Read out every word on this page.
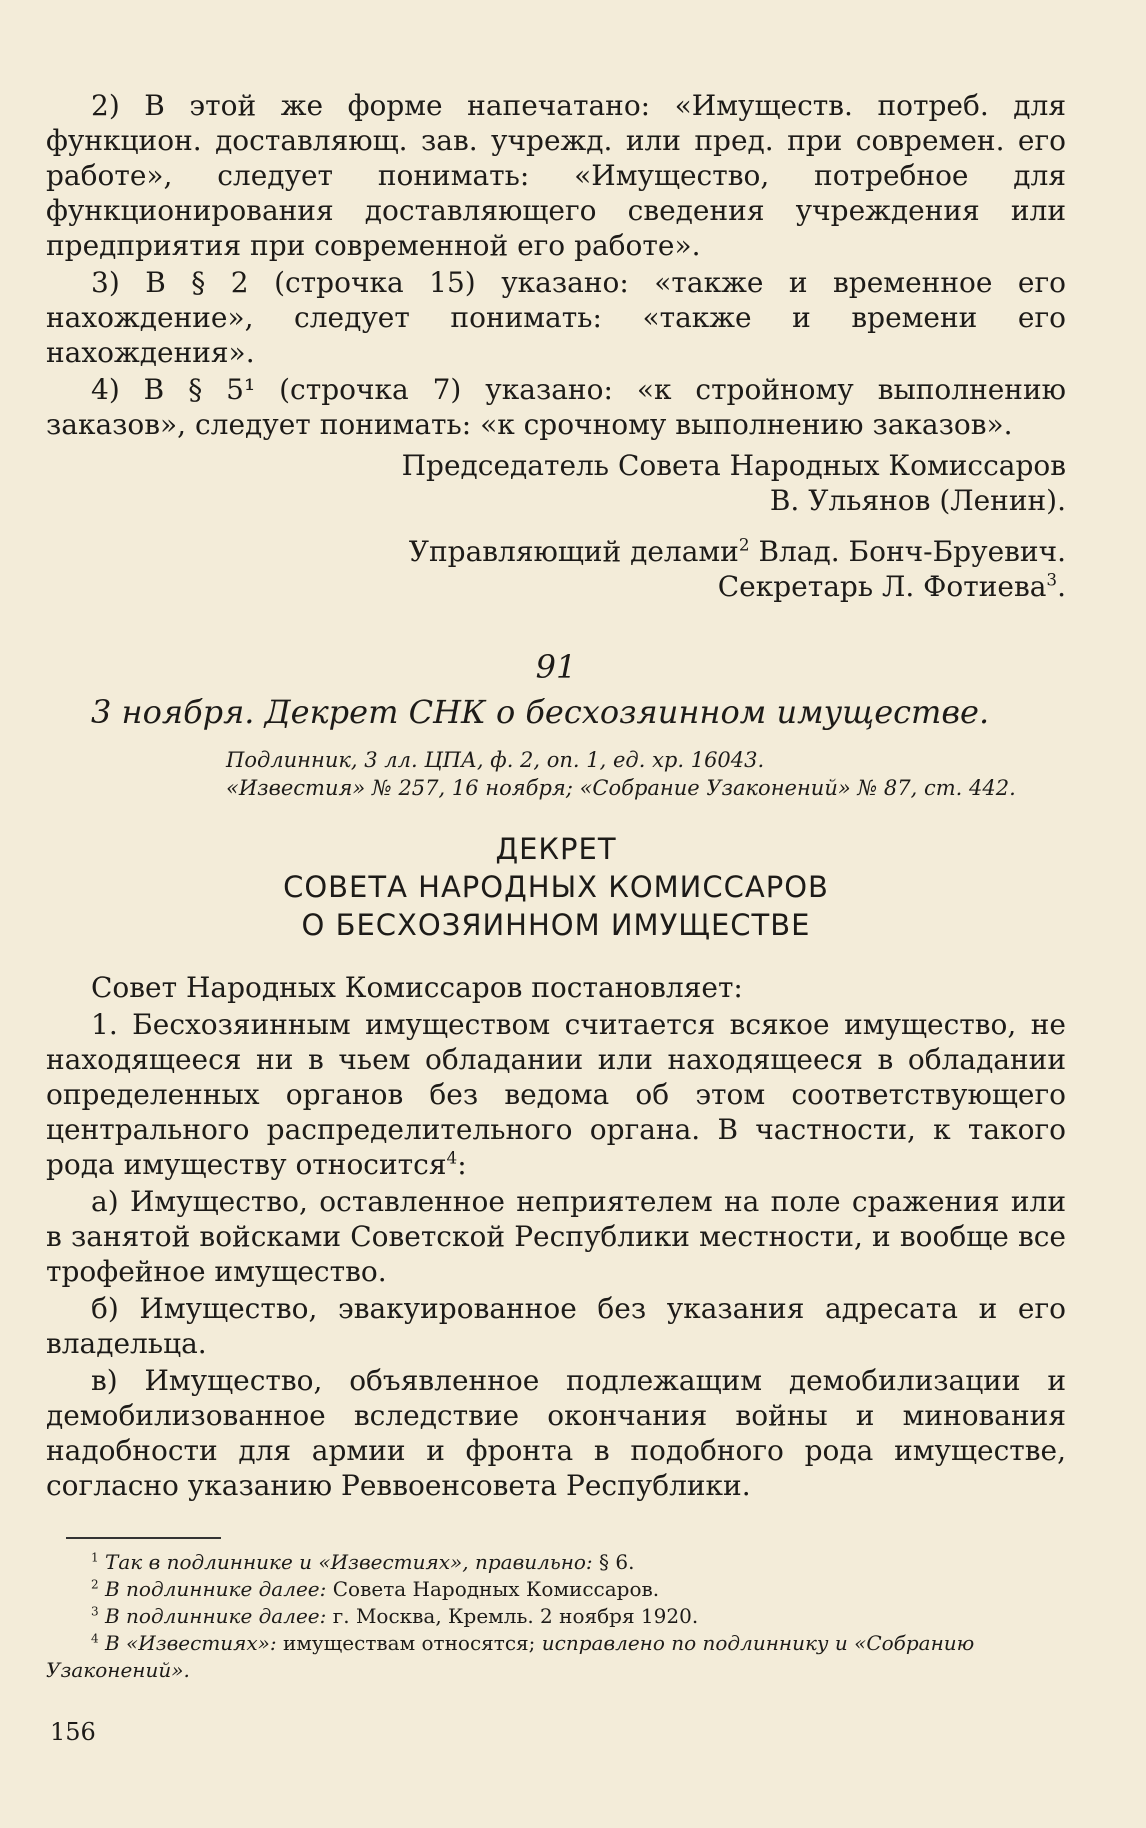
2) В этой же форме напечатано: «Имуществ. потреб. для функцион. доставляющ. зав. учрежд. или пред. при современ. его работе», следует понимать: «Имущество, потребное для функционирования доставляющего сведения учреждения или предприятия при современной его работе».

3) В § 2 (строчка 15) указано: «также и временное его нахождение», следует понимать: «также и времени его нахождения».

4) В § 5¹ (строчка 7) указано: «к стройному выполнению заказов», следует понимать: «к срочному выполнению заказов».

Председатель Совета Народных Комиссаров

В. Ульянов (Ленин).

Управляющий делами$^2$ Влад. Бонч-Бруевич.

Секретарь Л. Фотиева$^3$.

91

3 ноября. Декрет СНК о бесхозяинном имуществе.

Подлинник, 3 лл. ЦПА, ф. 2, оп. 1, ед. хр. 16043.

«Известия» № 257, 16 ноября; «Собрание Узаконений» № 87, ст. 442.

ДЕКРЕТ

СОВЕТА НАРОДНЫХ КОМИССАРОВ

О БЕСХОЗЯИННОМ ИМУЩЕСТВЕ

Совет Народных Комиссаров постановляет:

1. Бесхозяинным имуществом считается всякое имущество, не находящееся ни в чьем обладании или находящееся в обладании определенных органов без ведома об этом соответствующего центрального распределительного органа. В частности, к такого рода имуществу относится$^4$:

а) Имущество, оставленное неприятелем на поле сражения или в занятой войсками Советской Республики местности, и вообще все трофейное имущество.

б) Имущество, эвакуированное без указания адресата и его владельца.

в) Имущество, объявленное подлежащим демобилизации и демобилизованное вследствие окончания войны и минования надобности для армии и фронта в подобного рода имуществе, согласно указанию Реввоенсовета Республики.

$^1$ Так в подлиннике и «Известиях», правильно: § 6.

$^2$ В подлиннике далее: Совета Народных Комиссаров.

$^3$ В подлиннике далее: г. Москва, Кремль. 2 ноября 1920.

$^4$ В «Известиях»: имуществам относятся; исправлено по подлиннику и «Собранию Узаконений».

156
